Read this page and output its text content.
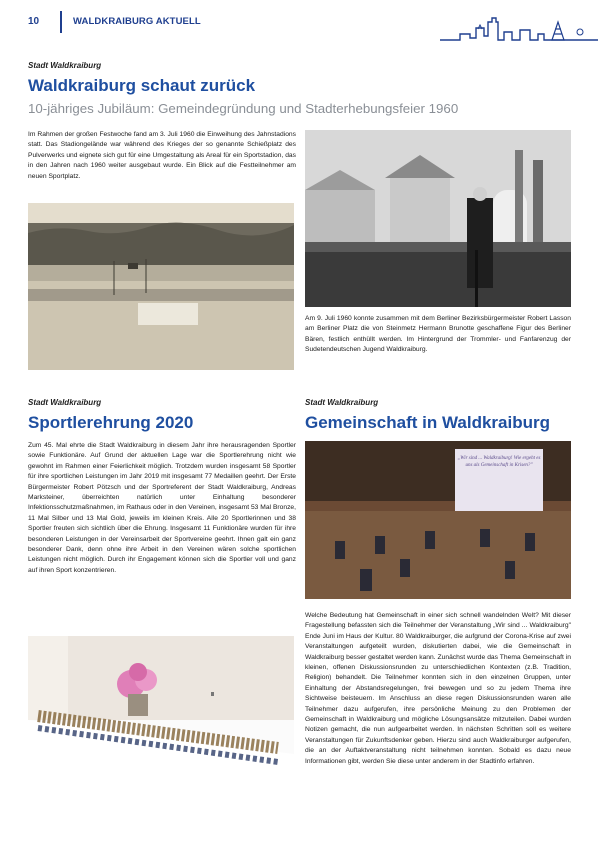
10	WALDKRAIBURG AKTUELL
Stadt Waldkraiburg
Waldkraiburg schaut zurück
10-jähriges Jubiläum: Gemeindegründung und Stadterhebungsfeier 1960
Im Rahmen der großen Festwoche fand am 3. Juli 1960 die Einweihung des Jahnstadions statt. Das Stadiongelände war während des Krieges der so genannte Schießplatz des Pulverwerks und eignete sich gut für eine Umgestaltung als Areal für ein Sportstadion, das in den Jahren nach 1960 weiter ausgebaut wurde. Ein Blick auf die Festteilnehmer am neuen Sportplatz.
Am 9. Juli 1960 konnte zusammen mit dem Berliner Bezirksbürgermeister Robert Lasson am Berliner Platz die von Steinmetz Hermann Brunotte geschaffene Figur des Berliner Bären, festlich enthüllt werden. Im Hintergrund der Trommler- und Fanfarenzug der Sudetendeutschen Jugend Waldkraiburg.
Stadt Waldkraiburg
Sportlerehrung 2020
Zum 45. Mal ehrte die Stadt Waldkraiburg in diesem Jahr ihre herausragenden Sportler sowie Funktionäre. Auf Grund der aktuellen Lage war die Sportlerehrung nicht wie gewohnt im Rahmen einer Feierlichkeit möglich. Trotzdem wurden insgesamt 58 Sportler für ihre sportlichen Leistungen im Jahr 2019 mit insgesamt 77 Medaillen geehrt. Der Erste Bürgermeister Robert Pötzsch und der Sportreferent der Stadt Waldkraiburg, Andreas Marksteiner, überreichten natürlich unter Einhaltung besonderer Infektionsschutzmaßnahmen, im Rathaus oder in den Vereinen, insgesamt 53 Mal Bronze, 11 Mal Silber und 13 Mal Gold, jeweils im kleinen Kreis. Alle 20 Sportlerinnen und 38 Sportler freuten sich sichtlich über die Ehrung. Insgesamt 11 Funktionäre wurden für ihre besonderen Leistungen in der Vereinsarbeit der Sportvereine geehrt. Ihnen galt ein ganz besonderer Dank, denn ohne ihre Arbeit in den Vereinen wären solche sportlichen Leistungen nicht möglich. Durch ihr Engagement können sich die Sportler voll und ganz auf ihren Sport konzentrieren.
Stadt Waldkraiburg
Gemeinschaft in Waldkraiburg
„Wir sind ... Waldkraiburg! Wie ergeht es uns als Gemeinschaft in Krisen?"
Welche Bedeutung hat Gemeinschaft in einer sich schnell wandelnden Welt? Mit dieser Fragestellung befassten sich die Teilnehmer der Veranstaltung „Wir sind ... Waldkraiburg" Ende Juni im Haus der Kultur. 80 Waldkraiburger, die aufgrund der Corona-Krise auf zwei Veranstaltungen aufgeteilt wurden, diskutierten dabei, wie die Gemeinschaft in Waldkraiburg besser gestaltet werden kann. Zunächst wurde das Thema Gemeinschaft in kleinen, offenen Diskussionsrunden zu unterschiedlichen Kontexten (z.B. Tradition, Religion) behandelt. Die Teilnehmer konnten sich in den einzelnen Gruppen, unter Einhaltung der Abstandsregelungen, frei bewegen und so zu jedem Thema ihre Sichtweise beisteuern. Im Anschluss an diese regen Diskussionsrunden waren alle Teilnehmer dazu aufgerufen, ihre persönliche Meinung zu den Problemen der Gemeinschaft in Waldkraiburg und mögliche Lösungsansätze mitzuteilen. Dabei wurden Notizen gemacht, die nun aufgearbeitet werden. In nächsten Schritten soll es weitere Veranstaltungen für Zukunftsdenker geben. Hierzu sind auch Waldkraiburger aufgerufen, die an der Auftaktveranstaltung nicht teilnehmen konnten. Sobald es dazu neue Informationen gibt, werden Sie diese unter anderem in der Stadtinfo erfahren.
